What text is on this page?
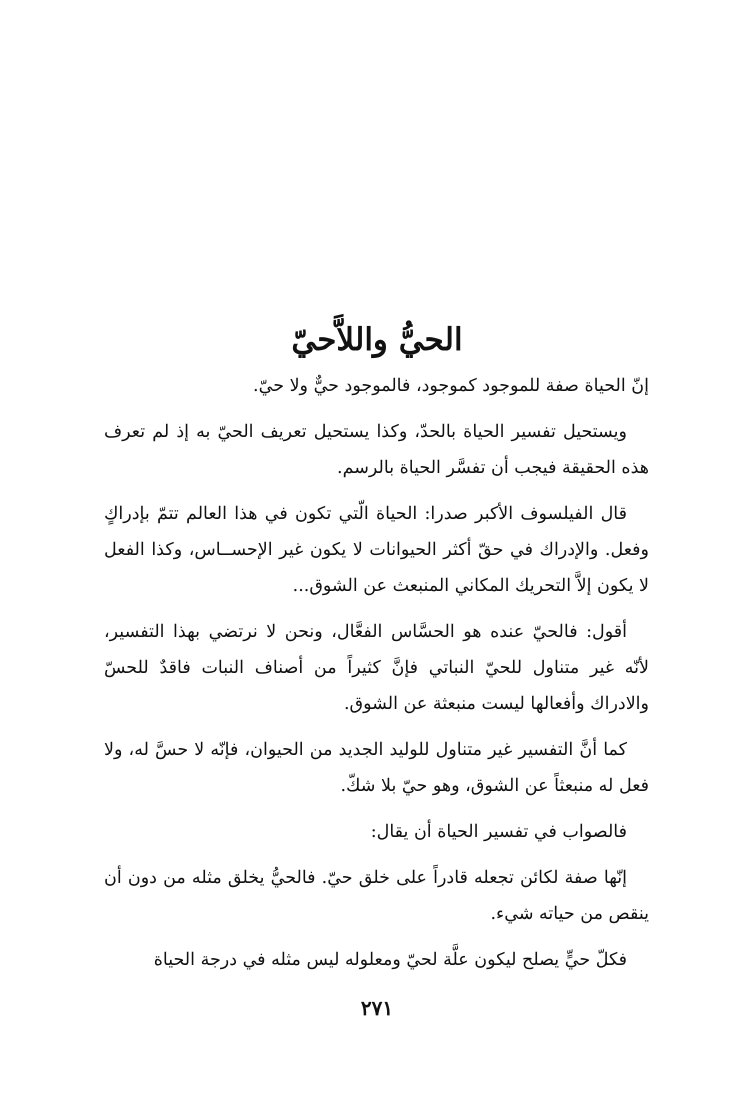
الحيُّ واللاَّحيّ

إنّ الحياة صفة للموجود كموجود، فالموجود حيٌّ ولا حيّ.

ويستحيل تفسير الحياة بالحدّ، وكذا يستحيل تعريف الحيّ به إذ لم تعرف هذه الحقيقة فيجب أن تفسَّر الحياة بالرسم.

قال الفيلسوف الأكبر صدرا: الحياة الّتي تكون في هذا العالم تتمّ بإدراكٍ وفعل. والإدراك في حقّ أكثر الحيوانات لا يكون غير الإحســاس، وكذا الفعل لا يكون إلاَّ التحريك المكاني المنبعث عن الشوق...

أقول: فالحيّ عنده هو الحسَّاس الفعَّال، ونحن لا نرتضي بهذا التفسير، لأنّه غير متناول للحيّ النباتي فإنَّ كثيراً من أصناف النبات فاقدٌ للحسّ والادراك وأفعالها ليست منبعثة عن الشوق.

كما أنَّ التفسير غير متناول للوليد الجديد من الحيوان، فإنّه لا حسَّ له، ولا فعل له منبعثاً عن الشوق، وهو حيّ بلا شكّ.

فالصواب في تفسير الحياة أن يقال:

إنّها صفة لكائن تجعله قادراً على خلق حيّ. فالحيُّ يخلق مثله من دون أن ينقص من حياته شيء.

فكلّ حيٍّ يصلح ليكون علَّة لحيّ ومعلوله ليس مثله في درجة الحياة

٢٧١
